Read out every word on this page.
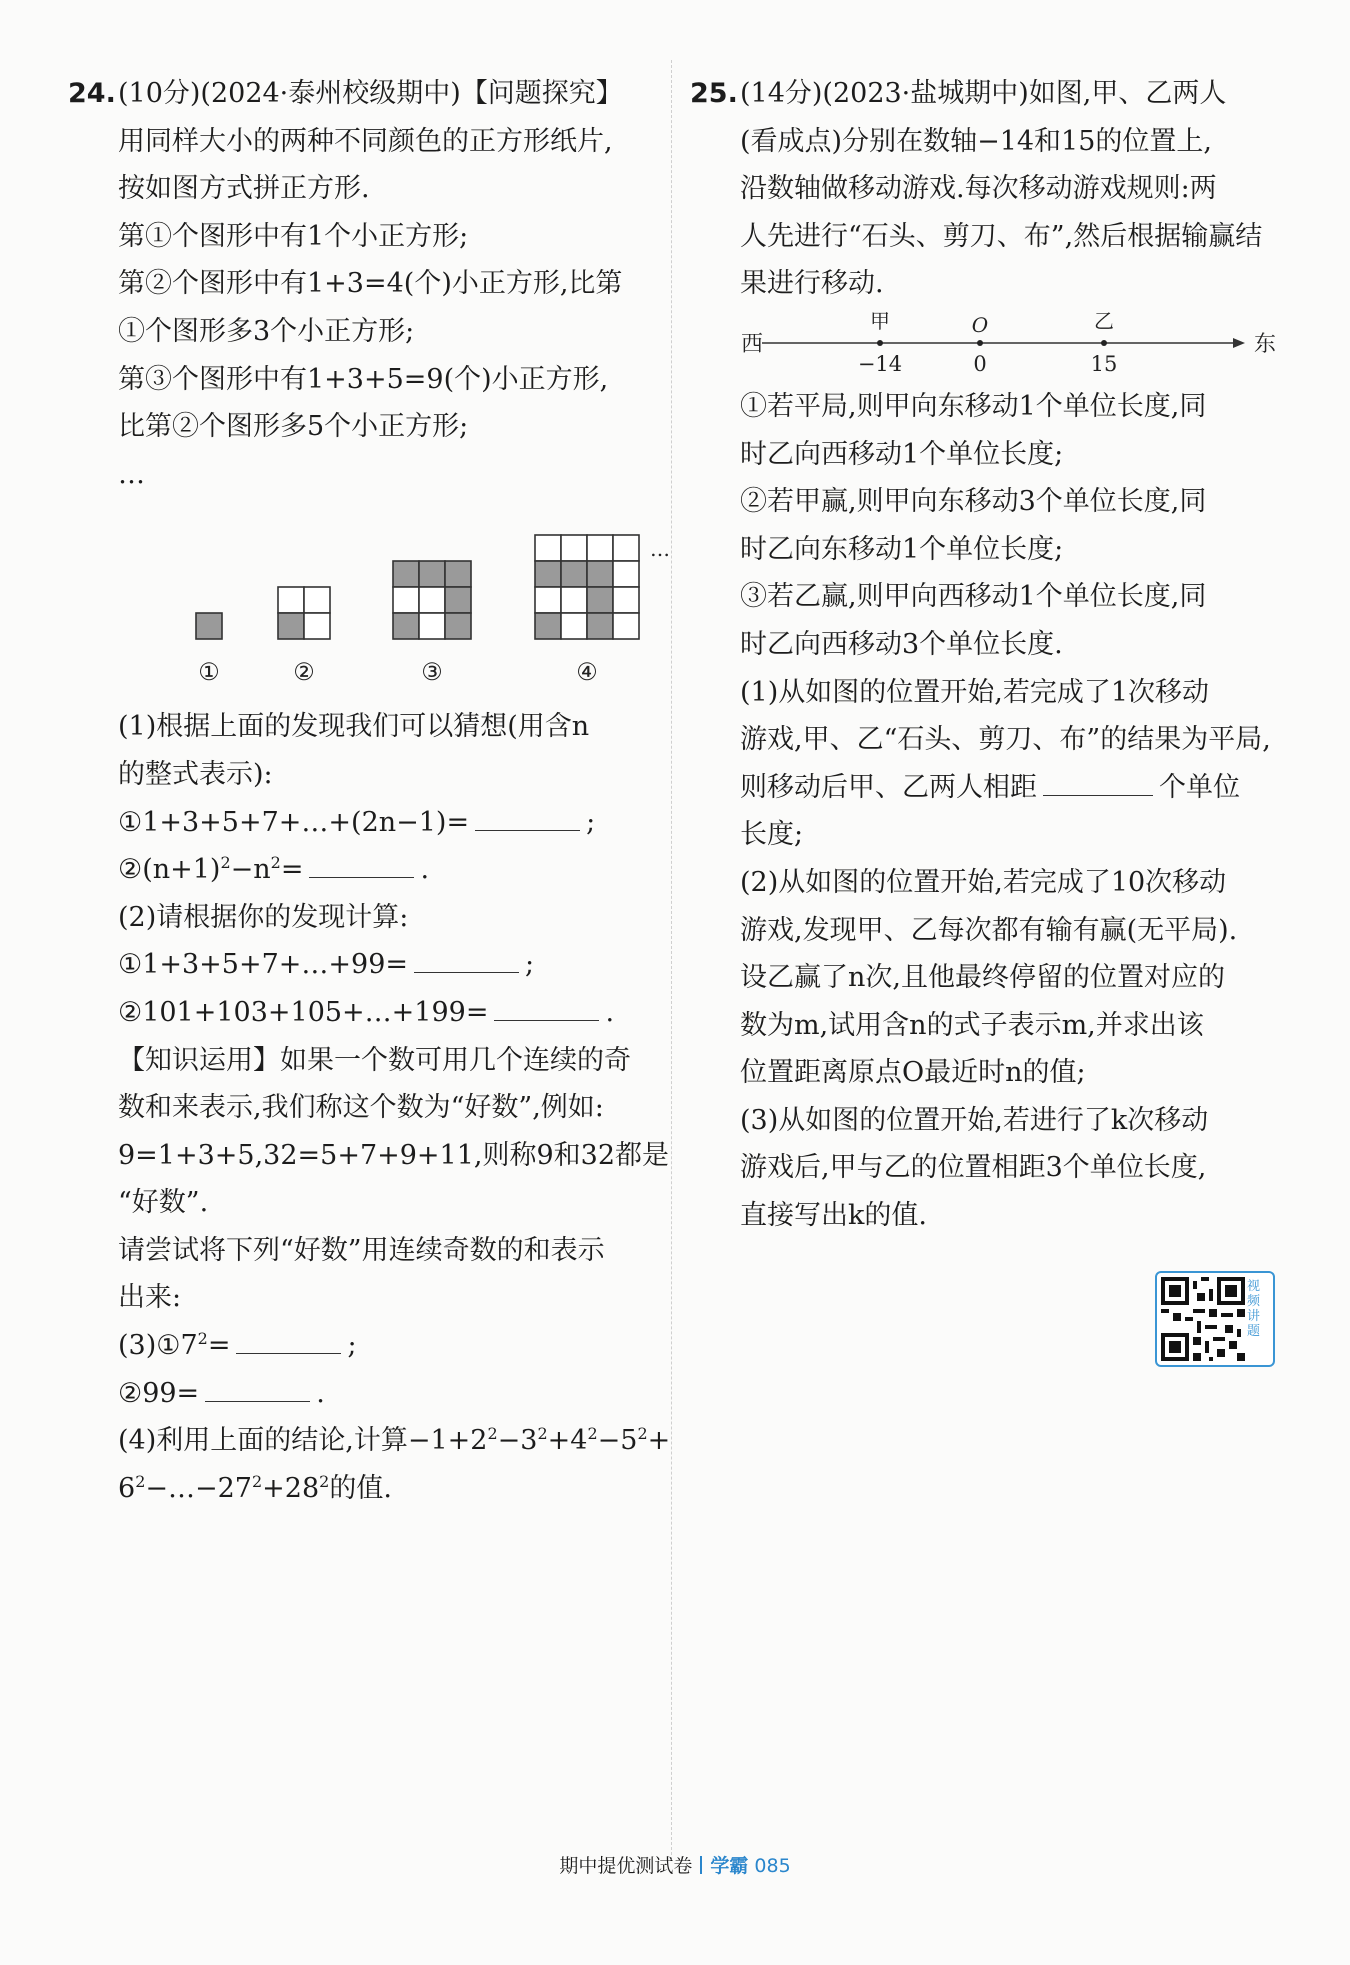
24.(10分)(2024·泰州校级期中)【问题探究】
用同样大小的两种不同颜色的正方形纸片,
按如图方式拼正方形.
第①个图形中有1个小正方形;
第②个图形中有1+3=4(个)小正方形,比第
①个图形多3个小正方形;
第③个图形中有1+3+5=9(个)小正方形,
比第②个图形多5个小正方形;
…
①	②	③	④
…
(1)根据上面的发现我们可以猜想(用含n
的整式表示):
①1+3+5+7+…+(2n−1)=	;
$②(n+1)^2-n^2=$	.
(2)请根据你的发现计算:
①1+3+5+7+…+99=	;
②101+103+105+…+199=	.
【知识运用】如果一个数可用几个连续的奇
数和来表示,我们称这个数为“好数”,例如:
9=1+3+5,32=5+7+9+11,则称9和32都是
“好数”.
请尝试将下列“好数”用连续奇数的和表示
出来:
$(3)①7^2=$	;
②99=	.
(4)利用上面的结论,计算$-1+2^2-3^2+4^2-5^2+$
$6^2-\dots-27^2+28^2$的值.
25.(14分)(2023·盐城期中)如图,甲、乙两人
(看成点)分别在数轴−14和15的位置上,
沿数轴做移动游戏.每次移动游戏规则:两
人先进行“石头、剪刀、布”,然后根据输赢结
果进行移动.
西	东
甲
−14
O
0
乙
15
①若平局,则甲向东移动1个单位长度,同
时乙向西移动1个单位长度;
②若甲赢,则甲向东移动3个单位长度,同
时乙向东移动1个单位长度;
③若乙赢,则甲向西移动1个单位长度,同
时乙向西移动3个单位长度.
(1)从如图的位置开始,若完成了1次移动
游戏,甲、乙“石头、剪刀、布”的结果为平局,
则移动后甲、乙两人相距	个单位
长度;
(2)从如图的位置开始,若完成了10次移动
游戏,发现甲、乙每次都有输有赢(无平局).
设乙赢了n次,且他最终停留的位置对应的
数为m,试用含n的式子表示m,并求出该
位置距离原点O最近时n的值;
(3)从如图的位置开始,若进行了k次移动
游戏后,甲与乙的位置相距3个单位长度,
直接写出k的值.
视频讲题
期中提优测试卷 学霸 085
